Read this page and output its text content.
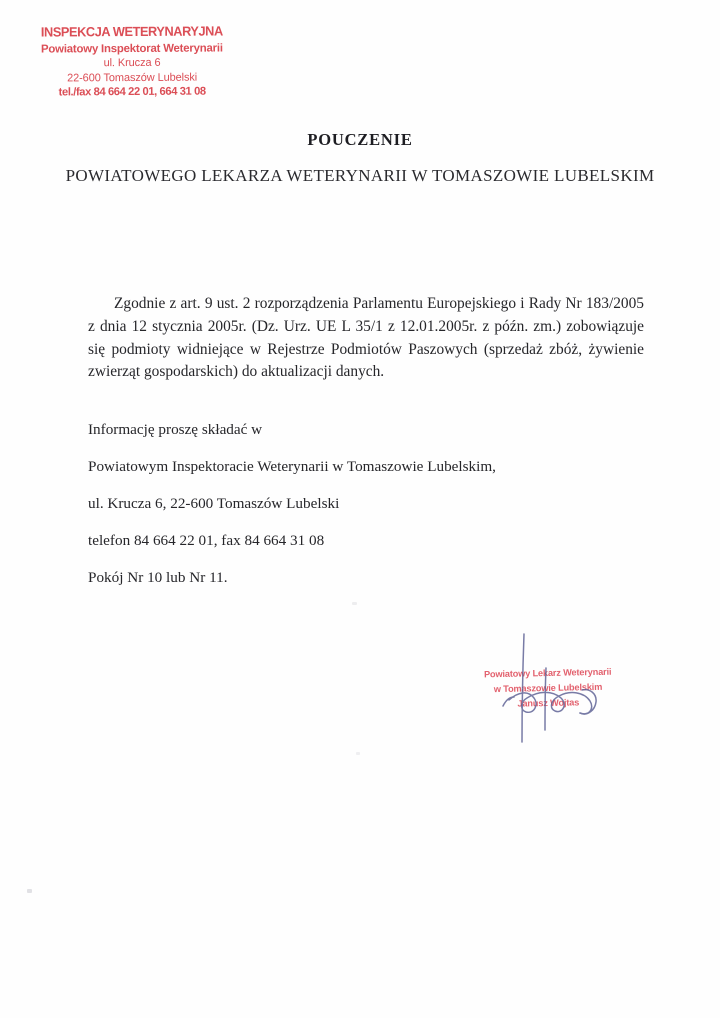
INSPEKCJA WETERYNARYJNA
Powiatowy Inspektorat Weterynarii
ul. Krucza 6
22-600 Tomaszów Lubelski
tel./fax 84 664 22 01, 664 31 08
POUCZENIE
POWIATOWEGO LEKARZA WETERYNARII W TOMASZOWIE LUBELSKIM
Zgodnie z art. 9 ust. 2 rozporządzenia Parlamentu Europejskiego i Rady Nr 183/2005 z dnia 12 stycznia 2005r. (Dz. Urz. UE L 35/1 z 12.01.2005r. z późn. zm.) zobowiązuje się podmioty widniejące w Rejestrze Podmiotów Paszowych (sprzedaż zbóż, żywienie zwierząt gospodarskich) do aktualizacji danych.
Informację proszę składać w
Powiatowym Inspektoracie Weterynarii w Tomaszowie Lubelskim,
ul. Krucza 6, 22-600 Tomaszów Lubelski
telefon 84 664 22 01, fax 84 664 31 08
Pokój Nr 10 lub Nr 11.
Powiatowy Lekarz Weterynarii
w Tomaszowie Lubelskim
Janusz Wojtas
